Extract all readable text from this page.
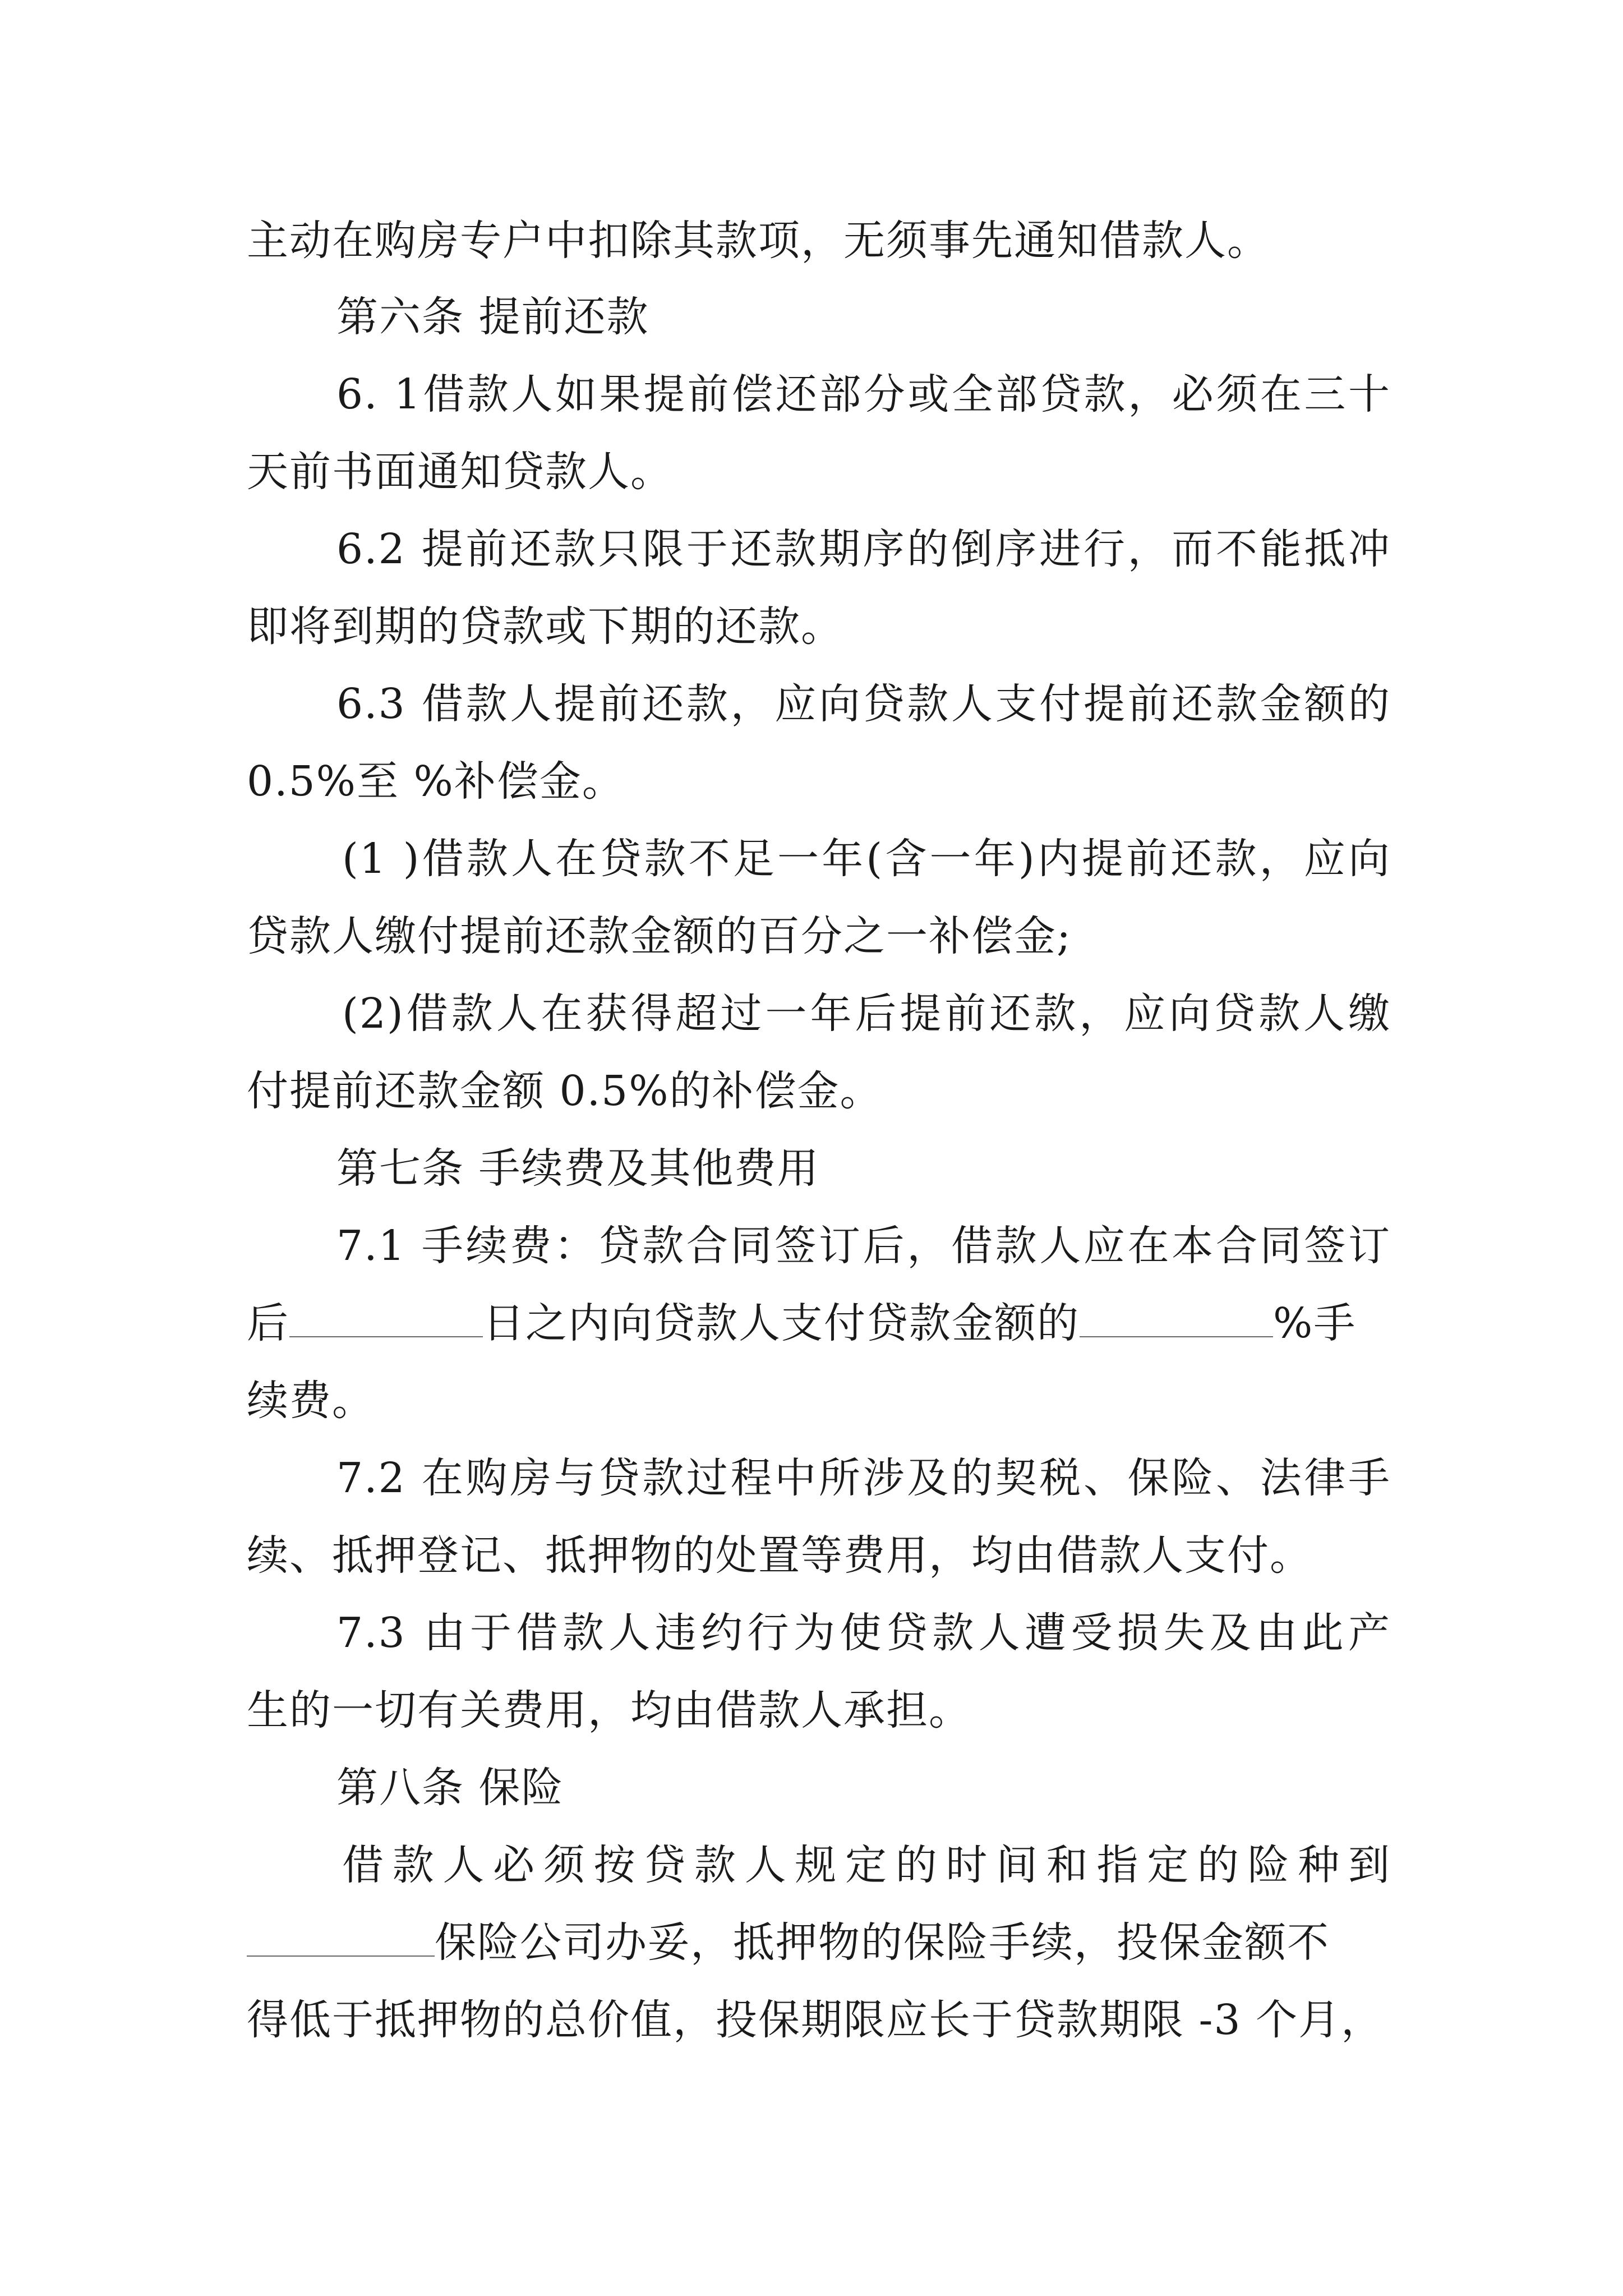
主动在购房专户中扣除其款项，无须事先通知借款人。
第六条 提前还款
6. 1借款人如果提前偿还部分或全部贷款，必须在三十
天前书面通知贷款人。
6.2 提前还款只限于还款期序的倒序进行，而不能抵冲
即将到期的贷款或下期的还款。
6.3 借款人提前还款，应向贷款人支付提前还款金额的
0.5%至 %补偿金。
(1 )借款人在贷款不足一年(含一年)内提前还款，应向
贷款人缴付提前还款金额的百分之一补偿金;
(2)借款人在获得超过一年后提前还款，应向贷款人缴
付提前还款金额 0.5%的补偿金。
第七条 手续费及其他费用
7.1 手续费：贷款合同签订后，借款人应在本合同签订
后	日之内向贷款人支付贷款金额的	%手
续费。
7.2 在购房与贷款过程中所涉及的契税、保险、法律手
续、抵押登记、抵押物的处置等费用，均由借款人支付。
7.3 由于借款人违约行为使贷款人遭受损失及由此产
生的一切有关费用，均由借款人承担。
第八条 保险
借款人必须按贷款人规定的时间和指定的险种到
保险公司办妥，抵押物的保险手续，投保金额不
得低于抵押物的总价值，投保期限应长于贷款期限 -3 个月，
